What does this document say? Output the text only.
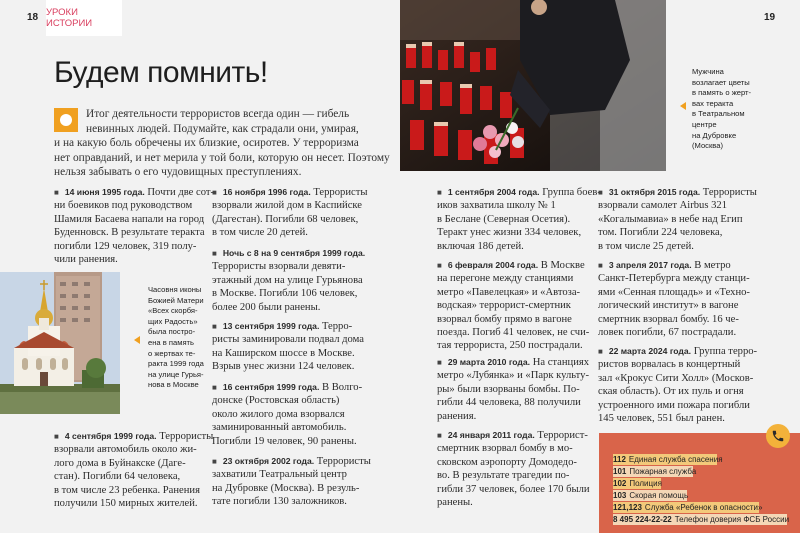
18 УРОКИ ИСТОРИИ
19
Будем помнить!
Итог деятельности террористов всегда один — гибель
невинных людей. Подумайте, как страдали они, умирая,
и на какую боль обречены их близкие, осиротев. У терроризма
нет оправданий, и нет мерила у той боли, которую он несет. Поэтому
нельзя забывать о его чудовищных преступлениях.
■ 14 июня 1995 года. Почти две сот-
ни боевиков под руководством
Шамиля Басаева напали на город
Буденновск. В результате теракта
погибли 129 человек, 319 полу-
чили ранения.
■ 4 сентября 1999 года. Террористы
взорвали автомобиль около жи-
лого дома в Буйнакске (Даге-
стан). Погибли 64 человека,
в том числе 23 ребенка. Ранения
получили 150 мирных жителей.
■ 16 ноября 1996 года. Террористы
взорвали жилой дом в Каспийске
(Дагестан). Погибли 68 человек,
в том числе 20 детей.
■ Ночь с 8 на 9 сентября 1999 года.
Террористы взорвали девяти-
этажный дом на улице Гурьянова
в Москве. Погибли 106 человек,
более 200 были ранены.
■ 13 сентября 1999 года. Терро-
ристы заминировали подвал дома
на Каширском шоссе в Москве.
Взрыв унес жизни 124 человек.
■ 16 сентября 1999 года. В Волго-
донске (Ростовская область)
около жилого дома взорвался
заминированный автомобиль.
Погибли 19 человек, 90 ранены.
■ 23 октября 2002 года. Террористы
захватили Театральный центр
на Дубровке (Москва). В резуль-
тате погибли 130 заложников.
■ 1 сентября 2004 года. Группа боев-
иков захватила школу № 1
в Беслане (Северная Осетия).
Теракт унес жизни 334 человек,
включая 186 детей.
■ 6 февраля 2004 года. В Москве
на перегоне между станциями
метро «Павелецкая» и «Автоза-
водская» террорист-смертник
взорвал бомбу прямо в вагоне
поезда. Погиб 41 человек, не счи-
тая террориста, 250 пострадали.
■ 29 марта 2010 года. На станциях
метро «Лубянка» и «Парк культу-
ры» были взорваны бомбы. По-
гибли 44 человека, 88 получили
ранения.
■ 24 января 2011 года. Террорист-
смертник взорвал бомбу в мо-
сковском аэропорту Домодедо-
во. В результате трагедии по-
гибли 37 человек, более 170 были
ранены.
■ 31 октября 2015 года. Террористы
взорвали самолет Airbus 321
«Когалымавиа» в небе над Егип
том. Погибли 224 человека,
в том числе 25 детей.
■ 3 апреля 2017 года. В метро
Санкт-Петербурга между станци-
ями «Сенная площадь» и «Техно-
логический институт» в вагоне
смертник взорвал бомбу. 16 че-
ловек погибли, 67 пострадали.
■ 22 марта 2024 года. Группа терро-
ристов ворвалась в концертный
зал «Крокус Сити Холл» (Москов-
ская область). От их пуль и огня
устроенного ими пожара погибли
145 человек, 551 был ранен.
Часовня иконы
Божией Матери
«Всех скорбя-
щих Радость»
была постро-
ена в память
о жертвах те-
ракта 1999 года
на улице Гурья-
нова в Москве
Мужчина
возлагает цветы
в память о жерт-
вах теракта
в Театральном
центре
на Дубровке
(Москва)
112 Единая служба спасения
101 Пожарная служба
102 Полиция
103 Скорая помощь
121,123 Служба «Ребенок в опасности»
8 495 224-22-22 Телефон доверия ФСБ России
